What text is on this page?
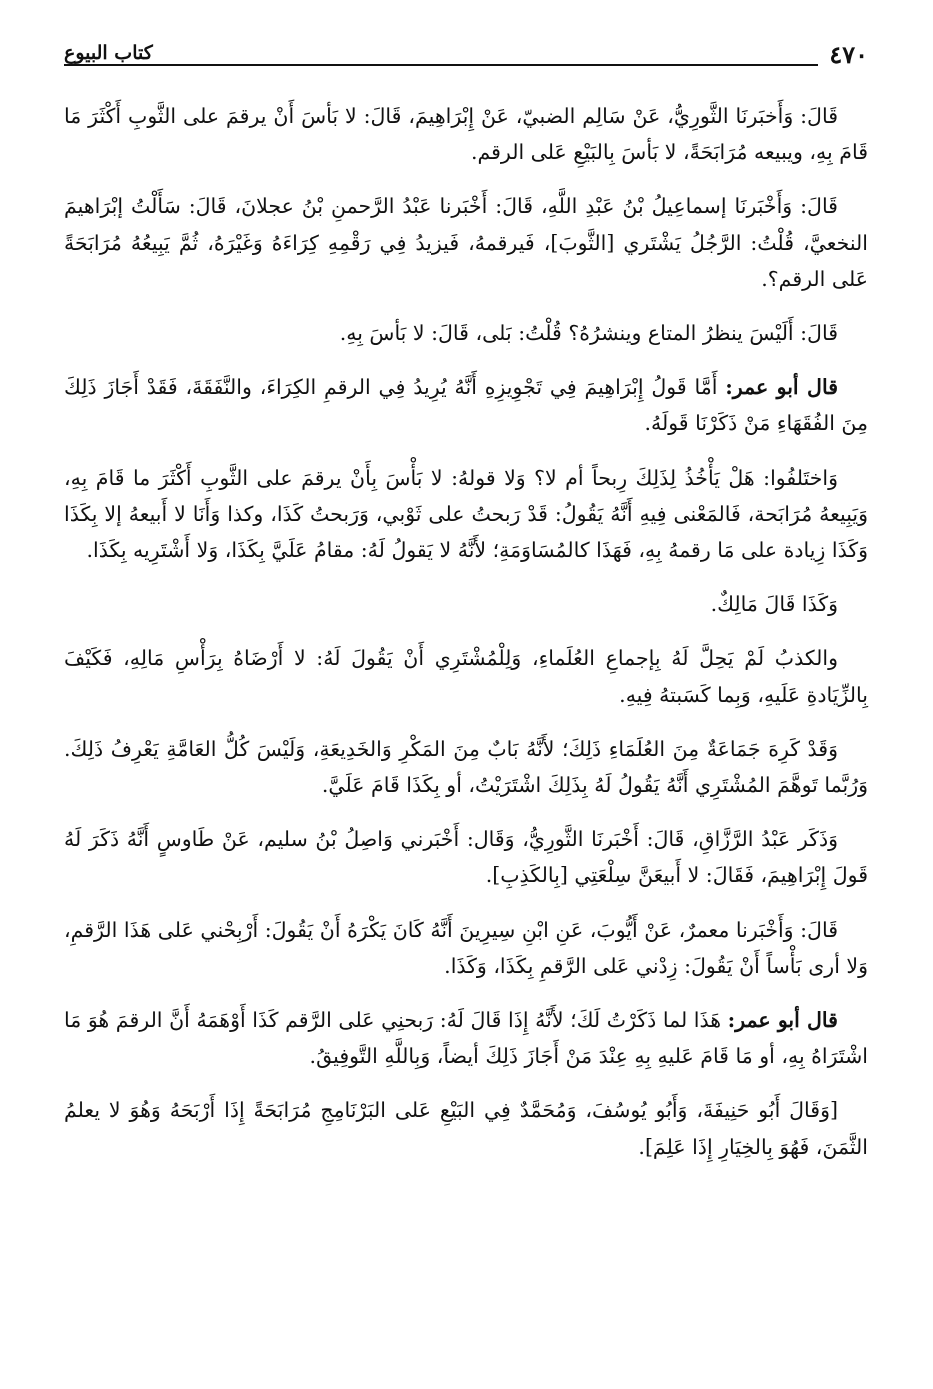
٤٧٠
كتاب البيوع

قَالَ: وَأَخبَرنَا الثَّورِيُّ، عَنْ سَالِم الضبيّ، عَنْ إِبْرَاهِيمَ، قَالَ: لا بَأسَ أَنْ يرقمَ على الثَّوبِ أَكْثَرَ مَا قَامَ بِهِ، ويبيعه مُرَابَحَةً، لا بَأسَ بِالبَيْعِ عَلى الرقم.

قَالَ: وَأَخْبَرنَا إسماعِيلُ بْنُ عَبْدِ اللَّهِ، قَالَ: أَخْبَرنا عَبْدُ الرَّحمنِ بْنُ عجلانَ، قَالَ: سَأَلْتُ إبْرَاهيمَ النخعيَّ، قُلْتُ: الرَّجُلُ يَشْتَري [الثَّوبَ]، فَيرقمهُ، فَيزيدُ فِي رَقْمِهِ كِرَاءَهُ وَغَيْرَهُ، ثُمَّ يَبِيعُهُ مُرَابَحَةً عَلى الرقم؟.

قَالَ: أَلَيْسَ ينظرُ المتاع وينشرُهُ؟ قُلْتُ: بَلى، قَالَ: لا بَأسَ بِهِ.

قال أبو عمر: أَمَّا قَولُ إِبْرَاهِيمَ فِي تَجْوِيزِهِ أَنَّهُ يُرِيدُ فِي الرقمِ الكِرَاءَ، والنَّفَقَةَ، فَقَدْ أَجَازَ ذَلِكَ مِنَ الفُقَهَاءِ مَنْ ذَكَرْنَا قَولَهُ.

وَاختَلفُوا: هَلْ يَأْخُذُ لِذَلِكَ رِبحاً أم لا؟ وَلا قولهُ: لا بَأْسَ بِأَنْ يرقمَ على الثَّوبِ أَكْثَرَ ما قَامَ بِهِ، وَيَبِيعهُ مُرَابَحة، فَالمَعْنى فِيهِ أَنَّهُ يَقُولُ: قَدْ رَبحتُ على ثَوْبي، وَرَبحتُ كَذَا، وكذا وَأَنَا لا أَبيعهُ إلا بِكَذَا وَكَذَا زِيادة على مَا رقمهُ بِهِ، فَهَذَا كالمُسَاوَمَةِ؛ لأَنَّهُ لا يَقولُ لَهُ: مقامُ عَلَيَّ بِكَذَا، وَلا أَشْتَرِيه بِكَذَا.

وَكَذَا قَالَ مَالِكٌ.

والكذبُ لَمْ يَحِلَّ لَهُ بِإجماعِ العُلَماءِ، وَلِلْمُشْتَرِي أَنْ يَقُولَ لَهُ: لا أَرْضَاهُ بِرَأْسِ مَالِهِ، فَكَيْفَ بِالزِّيَادةِ عَلَيهِ، وَبِما كَسَبتهُ فِيهِ.

وَقَدْ كَرِهَ جَمَاعَةٌ مِنَ العُلَمَاءِ ذَلِكَ؛ لأَنَّهُ بَابٌ مِنَ المَكْرِ وَالخَدِيعَةِ، وَلَيْسَ كُلُّ العَامَّةِ يَعْرِفُ ذَلِكَ. وَرُبَّما تَوهَّمَ المُشْتَرِي أَنَّهُ يَقُولُ لَهُ بِذَلِكَ اشْتَرَيْتُ، أو بِكَذَا قَامَ عَلَيَّ.

وَذَكَر عَبْدُ الرَّزَّاقِ، قَالَ: أَخْبَرنَا الثَّورِيُّ، وَقَال: أَخْبَرني وَاصِلُ بْنُ سليم، عَنْ طَاوسٍ أَنَّهُ ذَكَرَ لَهُ قَولَ إِبْرَاهِيمَ، فَقَالَ: لا أَبيعَنَّ سِلْعَتِي [بِالكَذِبِ].

قَالَ: وَأَخْبَرنا معمرٌ، عَنْ أَيُّوبَ، عَنِ ابْنِ سِيرِينَ أَنَّهُ كَانَ يَكْرَهُ أَنْ يَقُولَ: أَرْبِحْني عَلى هَذَا الرَّقمِ، وَلا أرى بَأْساً أَنْ يَقُولَ: زِدْني عَلى الرَّقمِ بِكَذَا، وَكَذَا.

قال أبو عمر: هَذَا لما ذَكَرْتُ لَكَ؛ لأَنَّهُ إِذَا قَالَ لَهُ: رَبحنِي عَلى الرَّقم كَذَا أَوْهَمَهُ أَنَّ الرقمَ هُوَ مَا اشْتَرَاهُ بِهِ، أو مَا قَامَ عَليهِ بِهِ عِنْدَ مَنْ أَجَازَ ذَلِكَ أيضاً، وَبِاللَّهِ التَّوفِيقُ.

[وَقَالَ أَبُو حَنِيفَةَ، وَأَبُو يُوسُفَ، وَمُحَمَّدٌ فِي البَيْعِ عَلى البَرْنَامِجِ مُرَابَحَةً إِذَا أَرْبَحَهُ وَهُوَ لا يعلمُ الثَّمَنَ، فَهُوَ بِالخِيَارِ إِذَا عَلِمَ].
